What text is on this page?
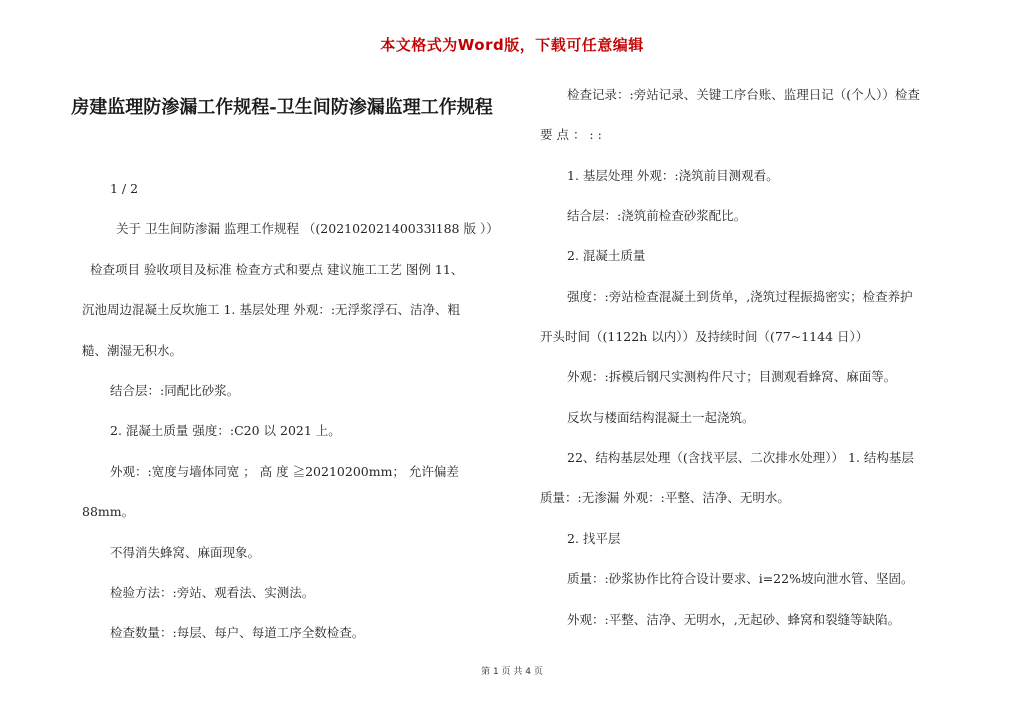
本文格式为Word版，下载可任意编辑
房建监理防渗漏工作规程-卫生间防渗漏监理工作规程
1 / 2
关于 卫生间防渗漏 监理工作规程 （(20210202140033l188 版 ））
检查项目 验收项目及标准 检查方式和要点 建议施工工艺 图例 11、
沉池周边混凝土反坎施工 1. 基层处理 外观：:无浮浆浮石、洁净、粗
糙、潮湿无积水。
结合层：:同配比砂浆。
2. 混凝土质量 强度：:C20 以 2021 上。
外观：:宽度与墙体同宽 ； 高 度 ≧20210200mm； 允许偏差
88mm。
不得消失蜂窝、麻面现象。
检验方法：:旁站、观看法、实测法。
检查数量：:每层、每户、每道工序全数检查。
检查记录：:旁站记录、关键工序台账、监理日记（(个人））检查
要 点 ： : :
1. 基层处理 外观：:浇筑前目测观看。
结合层：:浇筑前检查砂浆配比。
2. 混凝土质量
强度：:旁站检查混凝土到货单，,浇筑过程振捣密实；检查养护
开头时间（(1122h 以内））及持续时间（(77~1144 日））
外观：:拆模后钢尺实测构件尺寸；目测观看蜂窝、麻面等。
反坎与楼面结构混凝土一起浇筑。
22、结构基层处理（(含找平层、二次排水处理）） 1. 结构基层
质量：:无渗漏 外观：:平整、洁净、无明水。
2. 找平层
质量：:砂浆协作比符合设计要求、i=22%坡向泄水管、坚固。
外观：:平整、洁净、无明水，,无起砂、蜂窝和裂缝等缺陷。
第 1 页 共 4 页
